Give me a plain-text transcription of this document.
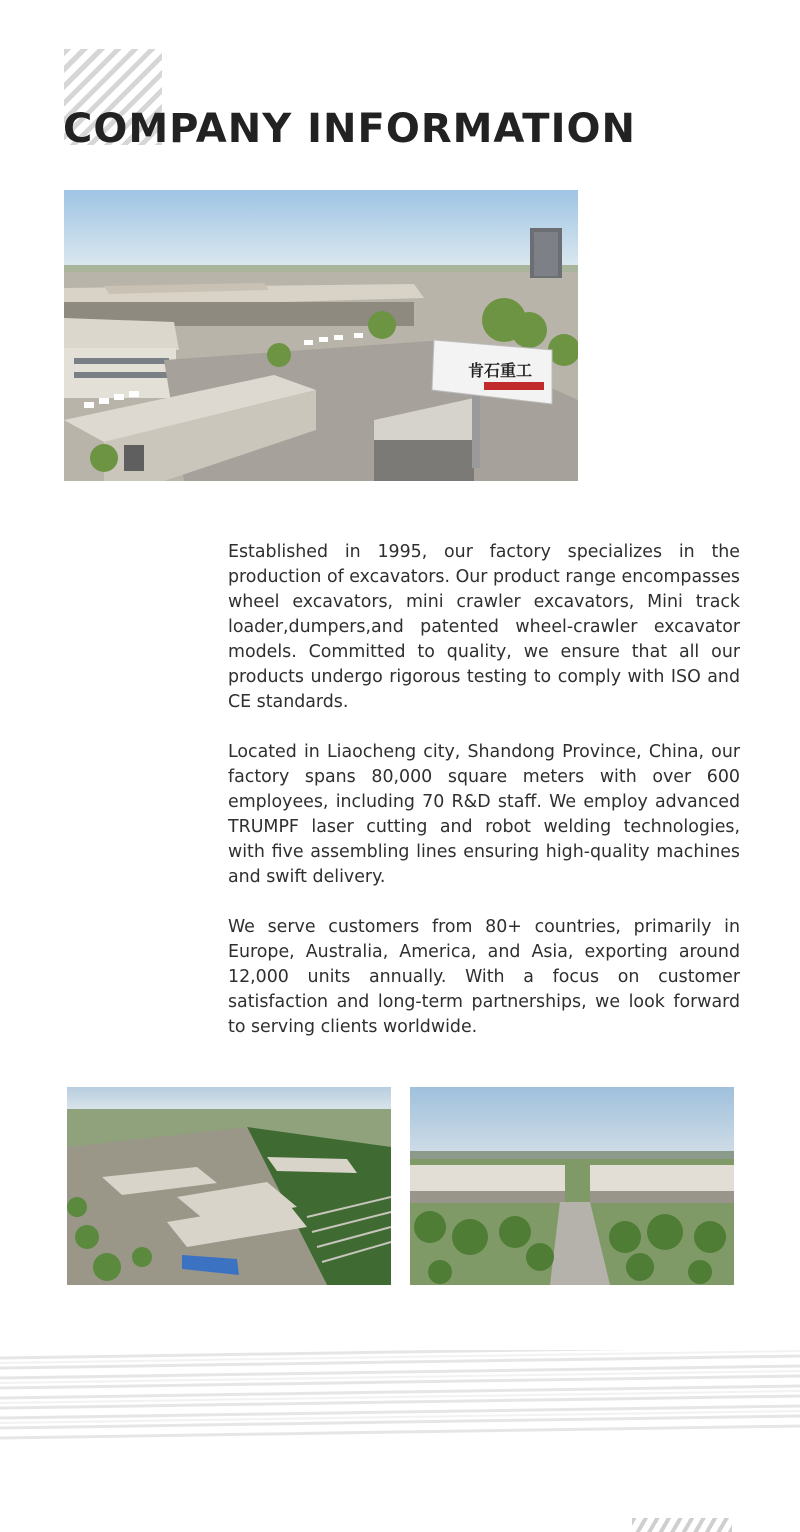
COMPANY INFORMATION
肯石重工

Established in 1995, our factory specializes in the production of excavators. Our product range encompasses wheel excavators, mini crawler excavators, Mini track loader,dumpers,and patented wheel-crawler excavator models. Committed to quality, we ensure that all our products undergo rigorous testing to comply with ISO and CE standards.

Located in Liaocheng city, Shandong Province, China, our factory spans 80,000 square meters with over 600 employees, including 70 R&D staff. We employ advanced TRUMPF laser cutting and robot welding technologies, with five assembling lines ensuring high-quality machines and swift delivery.

We serve customers from 80+ countries, primarily in Europe, Australia, America, and Asia, exporting around 12,000 units annually. With a focus on customer satisfaction and long-term partnerships, we look forward to serving clients worldwide.
